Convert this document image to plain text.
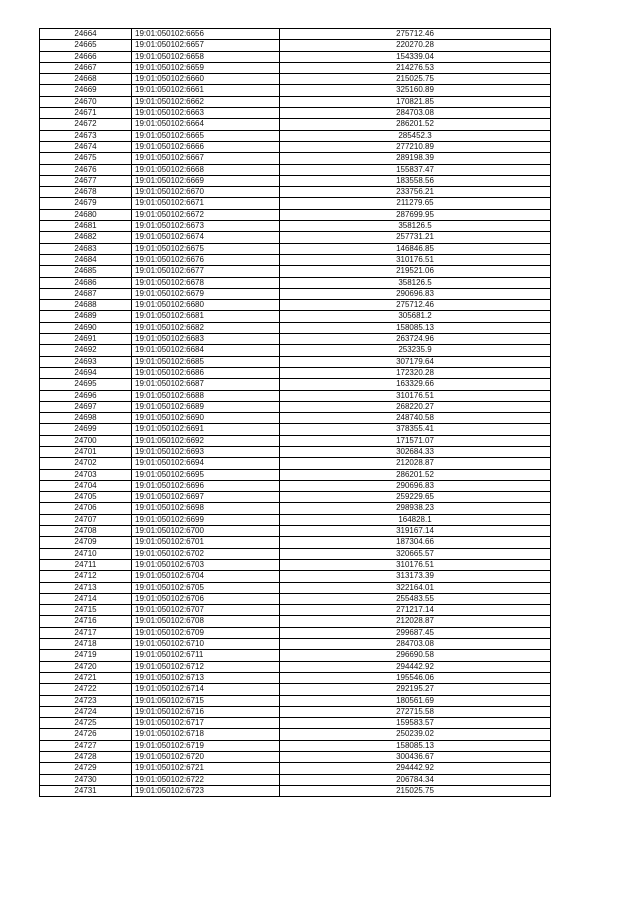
24664	19:01:050102:6656	275712.46
24665	19:01:050102:6657	220270.28
24666	19:01:050102:6658	154339.04
24667	19:01:050102:6659	214276.53
24668	19:01:050102:6660	215025.75
24669	19:01:050102:6661	325160.89
24670	19:01:050102:6662	170821.85
24671	19:01:050102:6663	284703.08
24672	19:01:050102:6664	286201.52
24673	19:01:050102:6665	285452.3
24674	19:01:050102:6666	277210.89
24675	19:01:050102:6667	289198.39
24676	19:01:050102:6668	155837.47
24677	19:01:050102:6669	183558.56
24678	19:01:050102:6670	233756.21
24679	19:01:050102:6671	211279.65
24680	19:01:050102:6672	287699.95
24681	19:01:050102:6673	358126.5
24682	19:01:050102:6674	257731.21
24683	19:01:050102:6675	146846.85
24684	19:01:050102:6676	310176.51
24685	19:01:050102:6677	219521.06
24686	19:01:050102:6678	358126.5
24687	19:01:050102:6679	290696.83
24688	19:01:050102:6680	275712.46
24689	19:01:050102:6681	305681.2
24690	19:01:050102:6682	158085.13
24691	19:01:050102:6683	263724.96
24692	19:01:050102:6684	253235.9
24693	19:01:050102:6685	307179.64
24694	19:01:050102:6686	172320.28
24695	19:01:050102:6687	163329.66
24696	19:01:050102:6688	310176.51
24697	19:01:050102:6689	268220.27
24698	19:01:050102:6690	248740.58
24699	19:01:050102:6691	378355.41
24700	19:01:050102:6692	171571.07
24701	19:01:050102:6693	302684.33
24702	19:01:050102:6694	212028.87
24703	19:01:050102:6695	286201.52
24704	19:01:050102:6696	290696.83
24705	19:01:050102:6697	259229.65
24706	19:01:050102:6698	298938.23
24707	19:01:050102:6699	164828.1
24708	19:01:050102:6700	319167.14
24709	19:01:050102:6701	187304.66
24710	19:01:050102:6702	320665.57
24711	19:01:050102:6703	310176.51
24712	19:01:050102:6704	313173.39
24713	19:01:050102:6705	322164.01
24714	19:01:050102:6706	255483.55
24715	19:01:050102:6707	271217.14
24716	19:01:050102:6708	212028.87
24717	19:01:050102:6709	299687.45
24718	19:01:050102:6710	284703.08
24719	19:01:050102:6711	296690.58
24720	19:01:050102:6712	294442.92
24721	19:01:050102:6713	195546.06
24722	19:01:050102:6714	292195.27
24723	19:01:050102:6715	180561.69
24724	19:01:050102:6716	272715.58
24725	19:01:050102:6717	159583.57
24726	19:01:050102:6718	250239.02
24727	19:01:050102:6719	158085.13
24728	19:01:050102:6720	300436.67
24729	19:01:050102:6721	294442.92
24730	19:01:050102:6722	206784.34
24731	19:01:050102:6723	215025.75
